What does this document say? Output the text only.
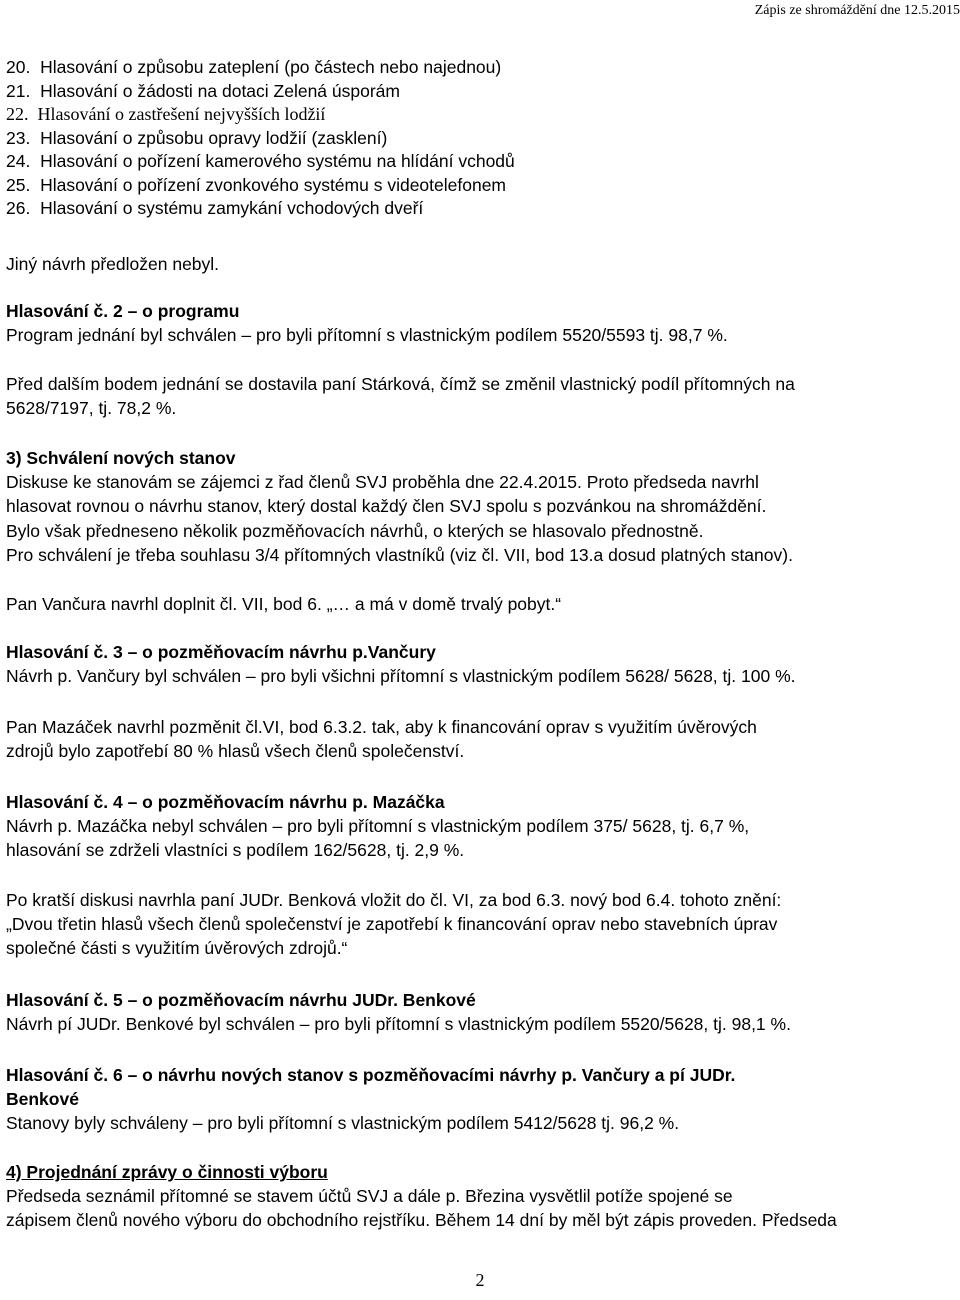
Zápis ze shromáždění dne 12.5.2015
20. Hlasování o způsobu zateplení (po částech nebo najednou)
21. Hlasování o žádosti na dotaci Zelená úsporám
22. Hlasování o zastřešení nejvyšších lodžií
23. Hlasování o způsobu opravy lodžií (zasklení)
24. Hlasování o pořízení kamerového systému na hlídání vchodů
25. Hlasování o pořízení zvonkového systému s videotelefonem
26. Hlasování o systému zamykání vchodových dveří
Jiný návrh předložen nebyl.
Hlasování č. 2 – o programu
Program jednání byl schválen – pro byli přítomní s vlastnickým podílem 5520/5593 tj. 98,7 %.
Před dalším bodem jednání se dostavila paní Stárková, čímž se změnil vlastnický podíl přítomných na
5628/7197, tj. 78,2 %.
3) Schválení nových stanov
Diskuse ke stanovám se zájemci z řad členů SVJ proběhla dne 22.4.2015. Proto předseda navrhl
hlasovat rovnou o návrhu stanov, který dostal každý člen SVJ spolu s pozvánkou na shromáždění.
Bylo však předneseno několik pozměňovacích návrhů, o kterých se hlasovalo přednostně.
Pro schválení je třeba souhlasu 3/4 přítomných vlastníků (viz čl. VII, bod 13.a dosud platných stanov).
Pan Vančura navrhl doplnit čl. VII, bod 6. „… a má v domě trvalý pobyt.“
Hlasování č. 3 – o pozměňovacím návrhu p.Vančury
Návrh p. Vančury byl schválen – pro byli všichni přítomní s vlastnickým podílem 5628/ 5628, tj. 100 %.
Pan Mazáček navrhl pozměnit čl.VI, bod 6.3.2. tak, aby k financování oprav s využitím úvěrových
zdrojů bylo zapotřebí 80 % hlasů všech členů společenství.
Hlasování č. 4 – o pozměňovacím návrhu p. Mazáčka
Návrh p. Mazáčka nebyl schválen – pro byli přítomní s vlastnickým podílem 375/ 5628, tj. 6,7 %,
hlasování se zdrželi vlastníci s podílem 162/5628, tj. 2,9 %.
Po kratší diskusi navrhla paní JUDr. Benková vložit do čl. VI, za bod 6.3. nový bod 6.4. tohoto znění:
„Dvou třetin hlasů všech členů společenství je zapotřebí k financování oprav nebo stavebních úprav
společné části s využitím úvěrových zdrojů.“
Hlasování č. 5 – o pozměňovacím návrhu JUDr. Benkové
Návrh pí JUDr. Benkové byl schválen – pro byli přítomní s vlastnickým podílem 5520/5628, tj. 98,1 %.
Hlasování č. 6 – o návrhu nových stanov s pozměňovacími návrhy p. Vančury a pí JUDr.
Benkové
Stanovy byly schváleny – pro byli přítomní s vlastnickým podílem 5412/5628 tj. 96,2 %.
4) Projednání zprávy o činnosti výboru
Předseda seznámil přítomné se stavem účtů SVJ a dále p. Březina vysvětlil potíže spojené se
zápisem členů nového výboru do obchodního rejstříku. Během 14 dní by měl být zápis proveden. Předseda
2
